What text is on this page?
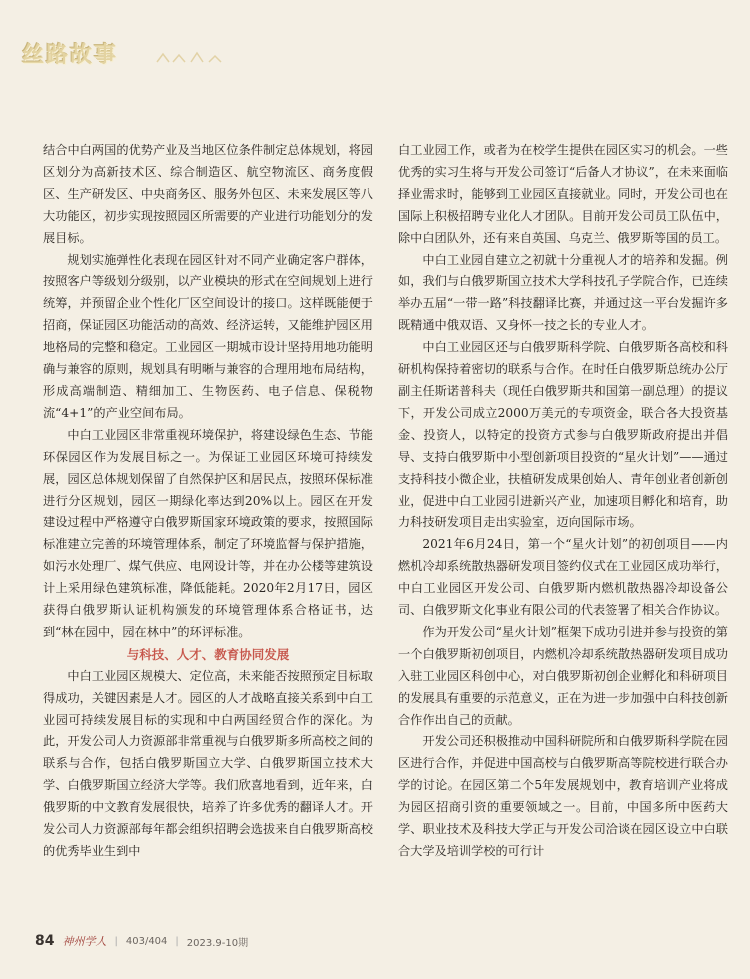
丝路故事

结合中白两国的优势产业及当地区位条件制定总体规划，将园区划分为高新技术区、综合制造区、航空物流区、商务度假区、生产研发区、中央商务区、服务外包区、未来发展区等八大功能区，初步实现按照园区所需要的产业进行功能划分的发展目标。

规划实施弹性化表现在园区针对不同产业确定客户群体，按照客户等级划分级别，以产业模块的形式在空间规划上进行统筹，并预留企业个性化厂区空间设计的接口。这样既能便于招商，保证园区功能活动的高效、经济运转，又能维护园区用地格局的完整和稳定。工业园区一期城市设计坚持用地功能明确与兼容的原则，规划具有明晰与兼容的合理用地布局结构，形成高端制造、精细加工、生物医药、电子信息、保税物流“4+1”的产业空间布局。

中白工业园区非常重视环境保护，将建设绿色生态、节能环保园区作为发展目标之一。为保证工业园区环境可持续发展，园区总体规划保留了自然保护区和居民点，按照环保标准进行分区规划，园区一期绿化率达到20%以上。园区在开发建设过程中严格遵守白俄罗斯国家环境政策的要求，按照国际标准建立完善的环境管理体系，制定了环境监督与保护措施，如污水处理厂、煤气供应、电网设计等，并在办公楼等建筑设计上采用绿色建筑标准，降低能耗。2020年2月17日，园区获得白俄罗斯认证机构颁发的环境管理体系合格证书，达到“林在园中，园在林中”的环评标准。

与科技、人才、教育协同发展

中白工业园区规模大、定位高，未来能否按照预定目标取得成功，关键因素是人才。园区的人才战略直接关系到中白工业园可持续发展目标的实现和中白两国经贸合作的深化。为此，开发公司人力资源部非常重视与白俄罗斯多所高校之间的联系与合作，包括白俄罗斯国立大学、白俄罗斯国立技术大学、白俄罗斯国立经济大学等。我们欣喜地看到，近年来，白俄罗斯的中文教育发展很快，培养了许多优秀的翻译人才。开发公司人力资源部每年都会组织招聘会选拔来自白俄罗斯高校的优秀毕业生到中

白工业园工作，或者为在校学生提供在园区实习的机会。一些优秀的实习生将与开发公司签订“后备人才协议”，在未来面临择业需求时，能够到工业园区直接就业。同时，开发公司也在国际上积极招聘专业化人才团队。目前开发公司员工队伍中，除中白团队外，还有来自英国、乌克兰、俄罗斯等国的员工。

中白工业园自建立之初就十分重视人才的培养和发掘。例如，我们与白俄罗斯国立技术大学科技孔子学院合作，已连续举办五届“一带一路”科技翻译比赛，并通过这一平台发掘许多既精通中俄双语、又身怀一技之长的专业人才。

中白工业园区还与白俄罗斯科学院、白俄罗斯各高校和科研机构保持着密切的联系与合作。在时任白俄罗斯总统办公厅副主任斯诺普科夫（现任白俄罗斯共和国第一副总理）的提议下，开发公司成立2000万美元的专项资金，联合各大投资基金、投资人，以特定的投资方式参与白俄罗斯政府提出并倡导、支持白俄罗斯中小型创新项目投资的“星火计划”——通过支持科技小微企业，扶植研发成果创始人、青年创业者创新创业，促进中白工业园引进新兴产业，加速项目孵化和培育，助力科技研发项目走出实验室，迈向国际市场。

2021年6月24日，第一个“星火计划”的初创项目——内燃机冷却系统散热器研发项目签约仪式在工业园区成功举行，中白工业园区开发公司、白俄罗斯内燃机散热器冷却设备公司、白俄罗斯文化事业有限公司的代表签署了相关合作协议。

作为开发公司“星火计划”框架下成功引进并参与投资的第一个白俄罗斯初创项目，内燃机冷却系统散热器研发项目成功入驻工业园区科创中心，对白俄罗斯初创企业孵化和科研项目的发展具有重要的示范意义，正在为进一步加强中白科技创新合作作出自己的贡献。

开发公司还积极推动中国科研院所和白俄罗斯科学院在园区进行合作，并促进中国高校与白俄罗斯高等院校进行联合办学的讨论。在园区第二个5年发展规划中，教育培训产业将成为园区招商引资的重要领域之一。目前，中国多所中医药大学、职业技术及科技大学正与开发公司洽谈在园区设立中白联合大学及培训学校的可行计

84 神州学人 | 403/404 | 2023.9-10期
